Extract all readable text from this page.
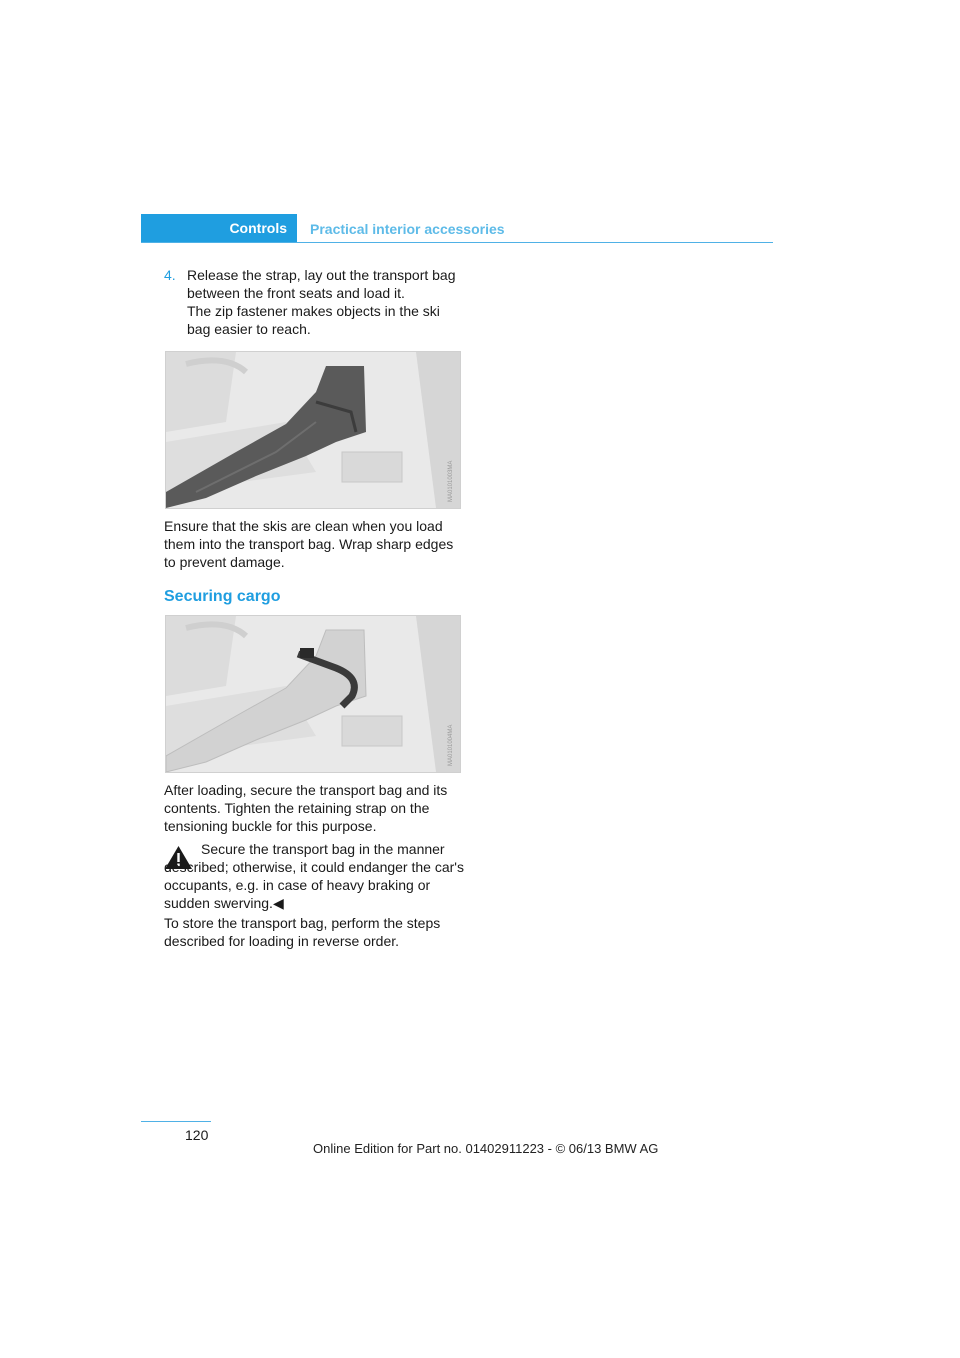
Controls	Practical interior accessories
4. Release the strap, lay out the transport bag between the front seats and load it.

The zip fastener makes objects in the ski bag easier to reach.

MA0101003MA
Ensure that the skis are clean when you load them into the transport bag. Wrap sharp edges to prevent damage.
Securing cargo
MA0101004MA
After loading, secure the transport bag and its contents. Tighten the retaining strap on the tensioning buckle for this purpose.
Secure the transport bag in the manner described; otherwise, it could endanger the car's occupants, e.g. in case of heavy braking or sudden swerving.◀
To store the transport bag, perform the steps described for loading in reverse order.
120
Online Edition for Part no. 01402911223 - © 06/13 BMW AG
